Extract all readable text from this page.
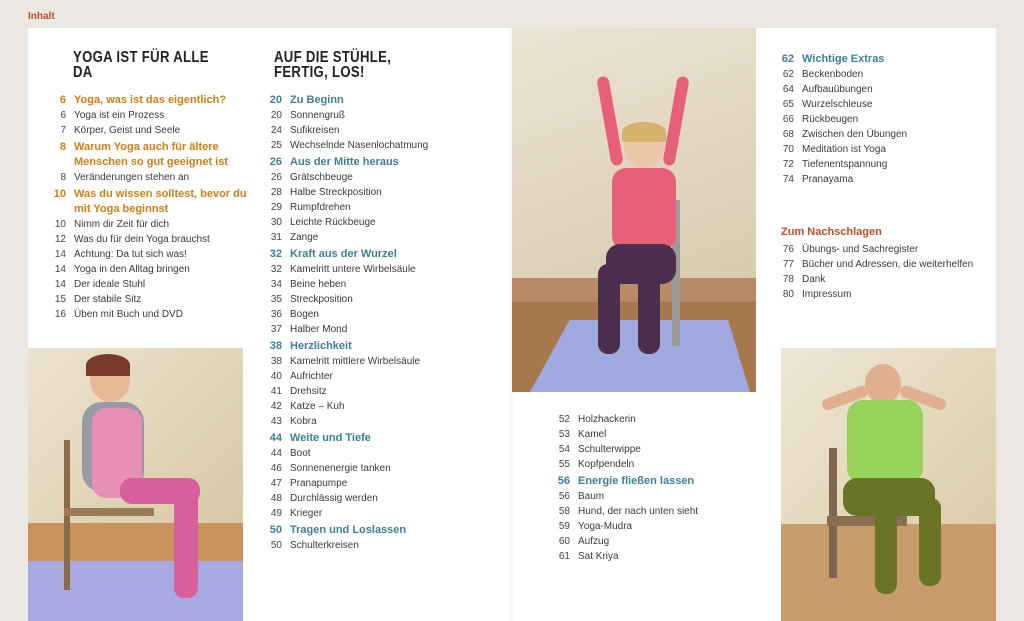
Inhalt
YOGA IST FÜR ALLE DA
6 Yoga, was ist das eigentlich?
6 Yoga ist ein Prozess
7 Körper, Geist und Seele
8 Warum Yoga auch für ältere Menschen so gut geeignet ist
8 Veränderungen stehen an
10 Was du wissen solltest, bevor du mit Yoga beginnst
10 Nimm dir Zeit für dich
12 Was du für dein Yoga brauchst
14 Achtung: Da tut sich was!
14 Yoga in den Alltag bringen
14 Der ideale Stuhl
15 Der stabile Sitz
16 Üben mit Buch und DVD
AUF DIE STÜHLE, FERTIG, LOS!
20 Zu Beginn
20 Sonnengruß
24 Sufikreisen
25 Wechselnde Nasenlochatmung
26 Aus der Mitte heraus
26 Grätschbeuge
28 Halbe Streckposition
29 Rumpfdrehen
30 Leichte Rückbeuge
31 Zange
32 Kraft aus der Wurzel
32 Kamelritt untere Wirbelsäule
34 Beine heben
35 Streckposition
36 Bogen
37 Halber Mond
38 Herzlichkeit
38 Kamelritt mittlere Wirbelsäule
40 Aufrichter
41 Drehsitz
42 Katze – Kuh
43 Kobra
44 Weite und Tiefe
44 Boot
46 Sonnenenergie tanken
47 Pranapumpe
48 Durchlässig werden
49 Krieger
50 Tragen und Loslassen
50 Schulterkreisen
52 Holzhackerin
53 Kamel
54 Schulterwippe
55 Kopfpendeln
56 Energie fließen lassen
56 Baum
58 Hund, der nach unten sieht
59 Yoga-Mudra
60 Aufzug
61 Sat Kriya
62 Wichtige Extras
62 Beckenboden
64 Aufbauübungen
65 Wurzelschleuse
66 Rückbeugen
68 Zwischen den Übungen
70 Meditation ist Yoga
72 Tiefenentspannung
74 Pranayama
Zum Nachschlagen
76 Übungs- und Sachregister
77 Bücher und Adressen, die weiterhelfen
78 Dank
80 Impressum
